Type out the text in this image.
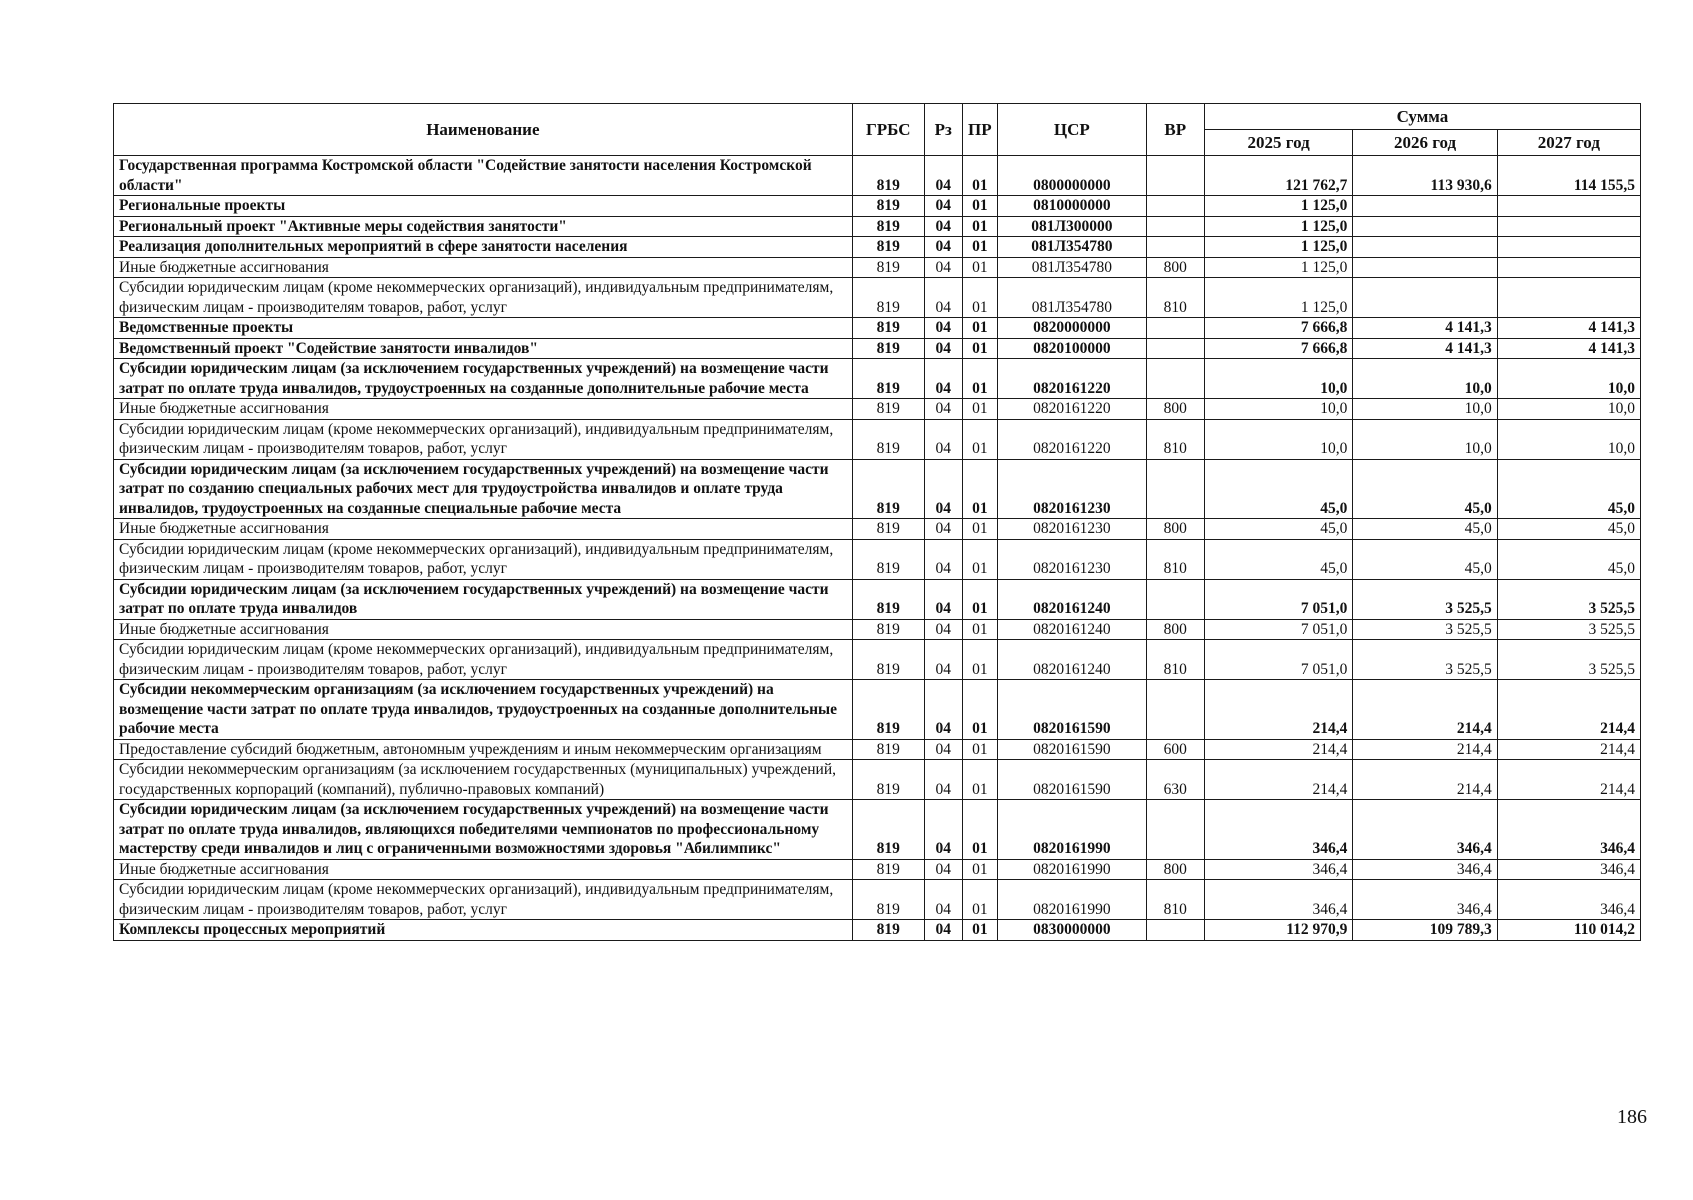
Наименование	ГРБС	Рз	ПР	ЦСР	ВР	Сумма		
						2025 год	2026 год	2027 год
Государственная программа Костромской области "Содействие занятости населения Костромской области"	819	04	01	0800000000		121 762,7	113 930,6	114 155,5
Региональные проекты	819	04	01	0810000000		1 125,0		
Региональный проект "Активные меры содействия занятости"	819	04	01	081Л300000		1 125,0		
Реализация дополнительных мероприятий в сфере занятости населения	819	04	01	081Л354780		1 125,0		
Иные бюджетные ассигнования	819	04	01	081Л354780	800	1 125,0		
Субсидии юридическим лицам (кроме некоммерческих организаций), индивидуальным предпринимателям, физическим лицам - производителям товаров, работ, услуг	819	04	01	081Л354780	810	1 125,0		
Ведомственные проекты	819	04	01	0820000000		7 666,8	4 141,3	4 141,3
Ведомственный проект "Содействие занятости инвалидов"	819	04	01	0820100000		7 666,8	4 141,3	4 141,3
Субсидии юридическим лицам (за исключением государственных учреждений) на возмещение части затрат по оплате труда инвалидов, трудоустроенных на созданные дополнительные рабочие места	819	04	01	0820161220		10,0	10,0	10,0
Иные бюджетные ассигнования	819	04	01	0820161220	800	10,0	10,0	10,0
Субсидии юридическим лицам (кроме некоммерческих организаций), индивидуальным предпринимателям, физическим лицам - производителям товаров, работ, услуг	819	04	01	0820161220	810	10,0	10,0	10,0
Субсидии юридическим лицам (за исключением государственных учреждений) на возмещение части затрат по созданию специальных рабочих мест для трудоустройства инвалидов и оплате труда инвалидов, трудоустроенных на созданные специальные рабочие места	819	04	01	0820161230		45,0	45,0	45,0
Иные бюджетные ассигнования	819	04	01	0820161230	800	45,0	45,0	45,0
Субсидии юридическим лицам (кроме некоммерческих организаций), индивидуальным предпринимателям, физическим лицам - производителям товаров, работ, услуг	819	04	01	0820161230	810	45,0	45,0	45,0
Субсидии юридическим лицам (за исключением государственных учреждений) на возмещение части затрат по оплате труда инвалидов	819	04	01	0820161240		7 051,0	3 525,5	3 525,5
Иные бюджетные ассигнования	819	04	01	0820161240	800	7 051,0	3 525,5	3 525,5
Субсидии юридическим лицам (кроме некоммерческих организаций), индивидуальным предпринимателям, физическим лицам - производителям товаров, работ, услуг	819	04	01	0820161240	810	7 051,0	3 525,5	3 525,5
Субсидии некоммерческим организациям (за исключением государственных учреждений) на возмещение части затрат по оплате труда инвалидов, трудоустроенных на созданные дополнительные рабочие места	819	04	01	0820161590		214,4	214,4	214,4
Предоставление субсидий бюджетным, автономным учреждениям и иным некоммерческим организациям	819	04	01	0820161590	600	214,4	214,4	214,4
Субсидии некоммерческим организациям (за исключением государственных (муниципальных) учреждений, государственных корпораций (компаний), публично-правовых компаний)	819	04	01	0820161590	630	214,4	214,4	214,4
Субсидии юридическим лицам (за исключением государственных учреждений) на возмещение части затрат по оплате труда инвалидов, являющихся победителями чемпионатов по профессиональному мастерству среди инвалидов и лиц с ограниченными возможностями здоровья "Абилимпикс"	819	04	01	0820161990		346,4	346,4	346,4
Иные бюджетные ассигнования	819	04	01	0820161990	800	346,4	346,4	346,4
Субсидии юридическим лицам (кроме некоммерческих организаций), индивидуальным предпринимателям, физическим лицам - производителям товаров, работ, услуг	819	04	01	0820161990	810	346,4	346,4	346,4
Комплексы процессных мероприятий	819	04	01	0830000000		112 970,9	109 789,3	110 014,2
186
